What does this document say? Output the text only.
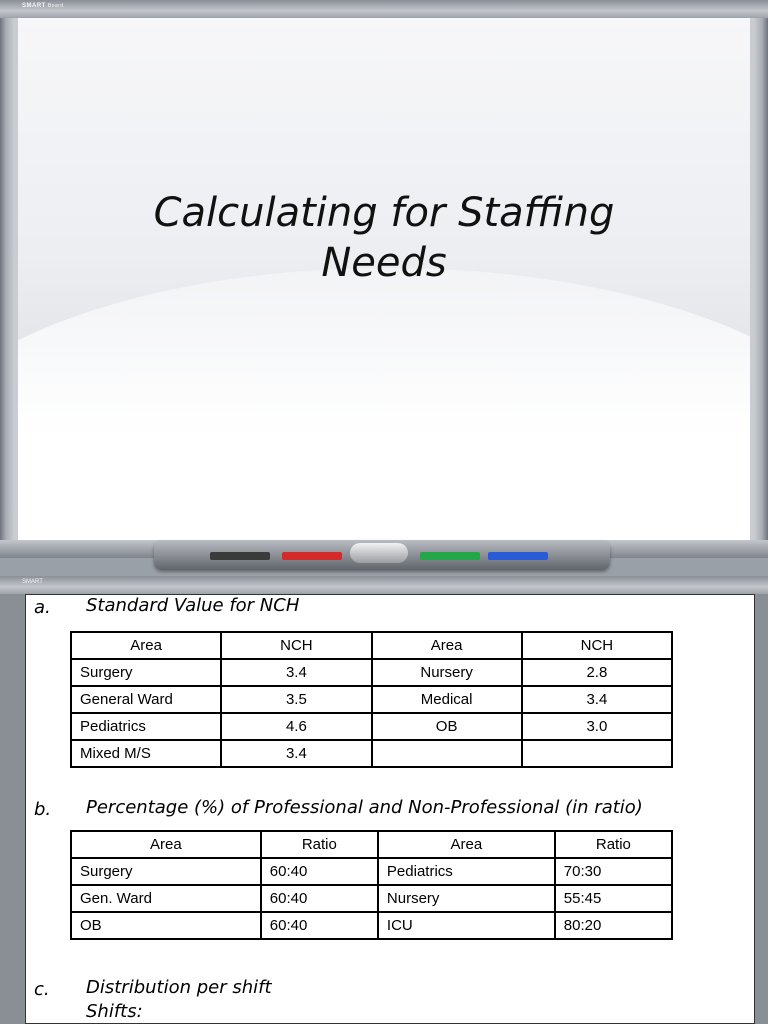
SMART Board
Calculating for Staffing
Needs
SMART
a. Standard Value for NCH
Area	NCH	Area	NCH
Surgery	3.4	Nursery	2.8
General Ward	3.5	Medical	3.4
Pediatrics	4.6	OB	3.0
Mixed M/S	3.4		
b. Percentage (%) of Professional and Non-Professional (in ratio)
Area	Ratio	Area	Ratio
Surgery	60:40	Pediatrics	70:30
Gen. Ward	60:40	Nursery	55:45
OB	60:40	ICU	80:20
c. Distribution per shift
Shifts:
